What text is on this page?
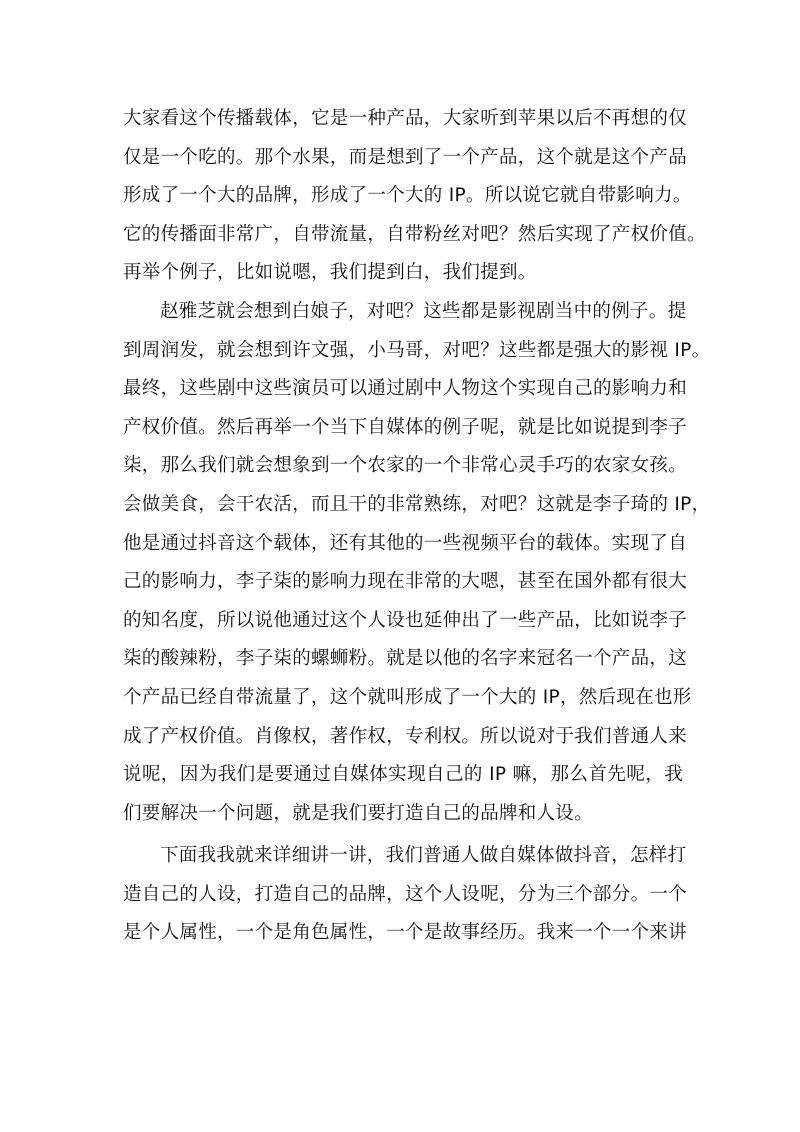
大家看这个传播载体，它是一种产品，大家听到苹果以后不再想的仅
仅是一个吃的。那个水果，而是想到了一个产品，这个就是这个产品
形成了一个大的品牌，形成了一个大的 IP。所以说它就自带影响力。
它的传播面非常广，自带流量，自带粉丝对吧？然后实现了产权价值。
再举个例子，比如说嗯，我们提到白，我们提到。
赵雅芝就会想到白娘子，对吧？这些都是影视剧当中的例子。提
到周润发，就会想到许文强，小马哥，对吧？这些都是强大的影视 IP。
最终，这些剧中这些演员可以通过剧中人物这个实现自己的影响力和
产权价值。然后再举一个当下自媒体的例子呢，就是比如说提到李子
柒，那么我们就会想象到一个农家的一个非常心灵手巧的农家女孩。
会做美食，会干农活，而且干的非常熟练，对吧？这就是李子琦的 IP，
他是通过抖音这个载体，还有其他的一些视频平台的载体。实现了自
己的影响力，李子柒的影响力现在非常的大嗯，甚至在国外都有很大
的知名度，所以说他通过这个人设也延伸出了一些产品，比如说李子
柒的酸辣粉，李子柒的螺蛳粉。就是以他的名字来冠名一个产品，这
个产品已经自带流量了，这个就叫形成了一个大的 IP，然后现在也形
成了产权价值。肖像权，著作权，专利权。所以说对于我们普通人来
说呢，因为我们是要通过自媒体实现自己的 IP 嘛，那么首先呢，我
们要解决一个问题，就是我们要打造自己的品牌和人设。
下面我我就来详细讲一讲，我们普通人做自媒体做抖音，怎样打
造自己的人设，打造自己的品牌，这个人设呢，分为三个部分。一个
是个人属性，一个是角色属性，一个是故事经历。我来一个一个来讲
